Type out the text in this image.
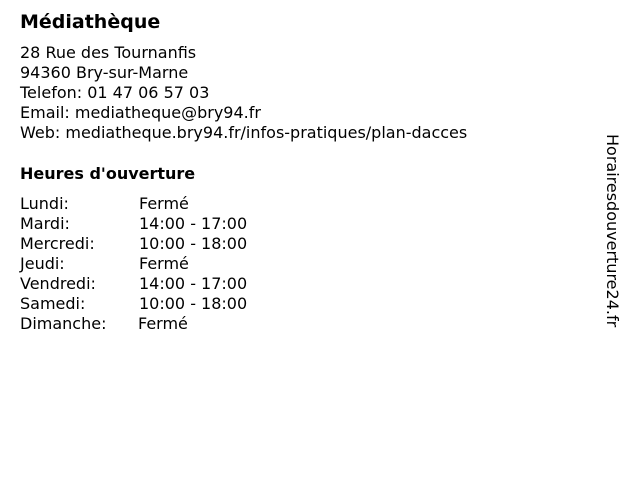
Médiathèque
28 Rue des Tournanfis
94360 Bry-sur-Marne
Telefon: 01 47 06 57 03
Email: mediatheque@bry94.fr
Web: mediatheque.bry94.fr/infos-pratiques/plan-dacces
Heures d'ouverture
Lundi:	Fermé
Mardi:	14:00 - 17:00
Mercredi:	10:00 - 18:00
Jeudi:	Fermé
Vendredi:	14:00 - 17:00
Samedi:	10:00 - 18:00
Dimanche: Fermé	Horairesdouverture24.fr
